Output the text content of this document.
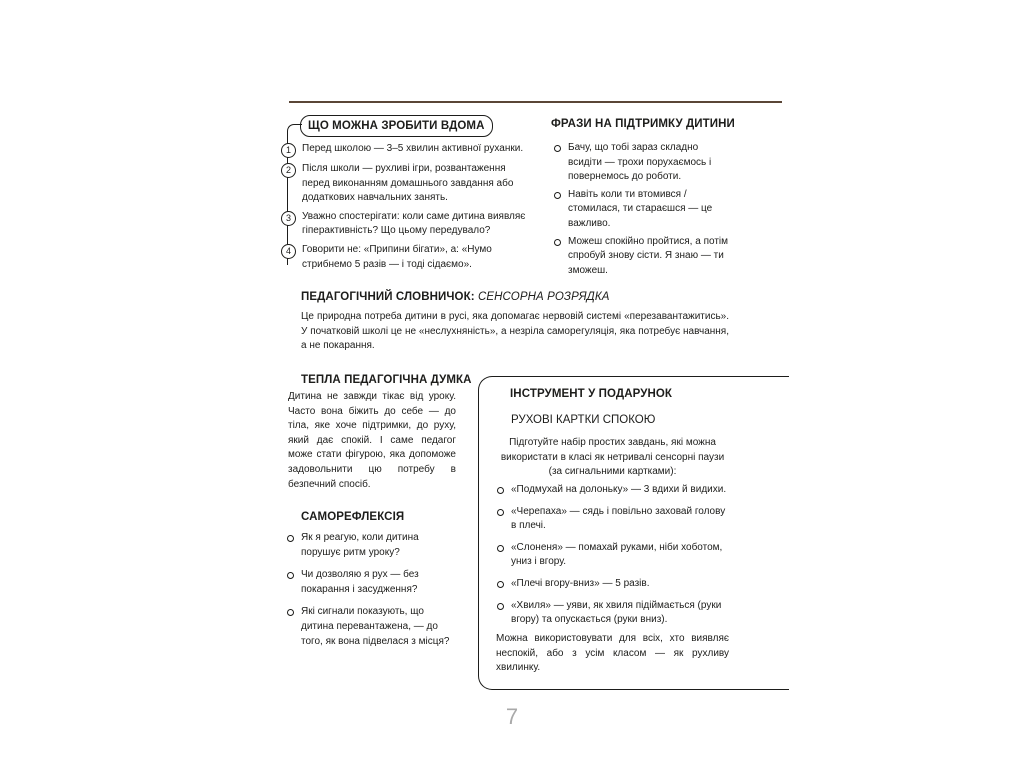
ЩО МОЖНА ЗРОБИТИ ВДОМА
1	Перед школою — 3–5 хвилин активної руханки.
2	Після школи — рухливі ігри, розвантаження перед виконанням домашнього завдання або додаткових навчальних занять.
3	Уважно спостерігати: коли саме дитина виявляє гіперактивність? Що цьому передувало?
4	Говорити не: «Припини бігати», а: «Нумо стрибнемо 5 разів — і тоді сідаємо».
ФРАЗИ НА ПІДТРИМКУ ДИТИНИ
Бачу, що тобі зараз складно всидіти — трохи поруxаємось і повернемось до роботи.
Навіть коли ти втомився / стомилася, ти стараєшся — це важливо.
Можеш спокійно пройтися, а потім спробуй знову сісти. Я знаю — ти зможеш.
ПЕДАГОГІЧНИЙ СЛОВНИЧОК: СЕНСОРНА РОЗРЯДКА
Це природна потреба дитини в русі, яка допомагає нервовій системі «перезавантажитись». У початковій школі це не «неслухняність», а незріла саморегуляція, яка потребує навчання, а не покарання.
ТЕПЛА ПЕДАГОГІЧНА ДУМКА
Дитина не завжди тікає від уроку. Часто вона біжить до себе — до тіла, яке хоче підтримки, до руху, який дає спокій. І саме педагог може стати фігурою, яка допоможе задовольнити цю потребу в безпечний спосіб.
САМОРЕФЛЕКСІЯ
Як я реагую, коли дитина порушує ритм уроку?
Чи дозволяю я рух — без покарання і засудження?
Які сигнали показують, що дитина перевантажена, — до того, як вона підвелася з місця?
ІНСТРУМЕНТ У ПОДАРУНОК
РУХОВІ КАРТКИ СПОКОЮ
Підготуйте набір простих завдань, які можна використати в класі як нетривалі сенсорні паузи (за сигнальними картками):
«Подмухай на долоньку» — 3 вдихи й видихи.
«Черепаха» — сядь і повільно заховай голову в плечі.
«Слоненя» — помахай руками, ніби хоботом, униз і вгору.
«Плечі вгору-вниз» — 5 разів.
«Хвиля» — уяви, як хвиля підіймається (руки вгору) та опускається (руки вниз).
Можна використовувати для всіх, хто виявляє неспокій, або з усім класом — як рухливу хвилинку.
7
